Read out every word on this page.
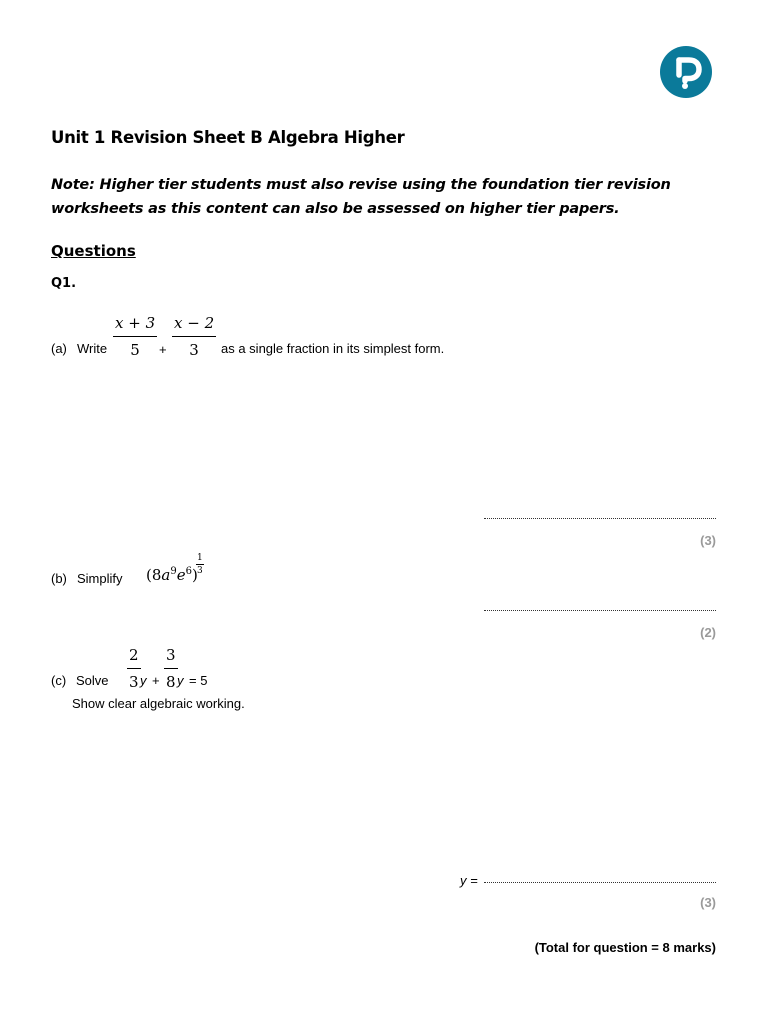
Unit 1 Revision Sheet B Algebra Higher
Note: Higher tier students must also revise using the foundation tier revision worksheets as this content can also be assessed on higher tier papers.
Questions
Q1.
(a) Write $\frac{x + 3}{5} + \frac{x - 2}{3}$ as a single fraction in its simplest form.
(3)
(b) Simplify $(8a^9e^6)$
$\frac{1}{3}$
(2)
(c) Solve $\frac{2}{3}$ $y + \frac{3}{8}$ y = 5
Show clear algebraic working.
y =
(3)
(Total for question = 8 marks)
